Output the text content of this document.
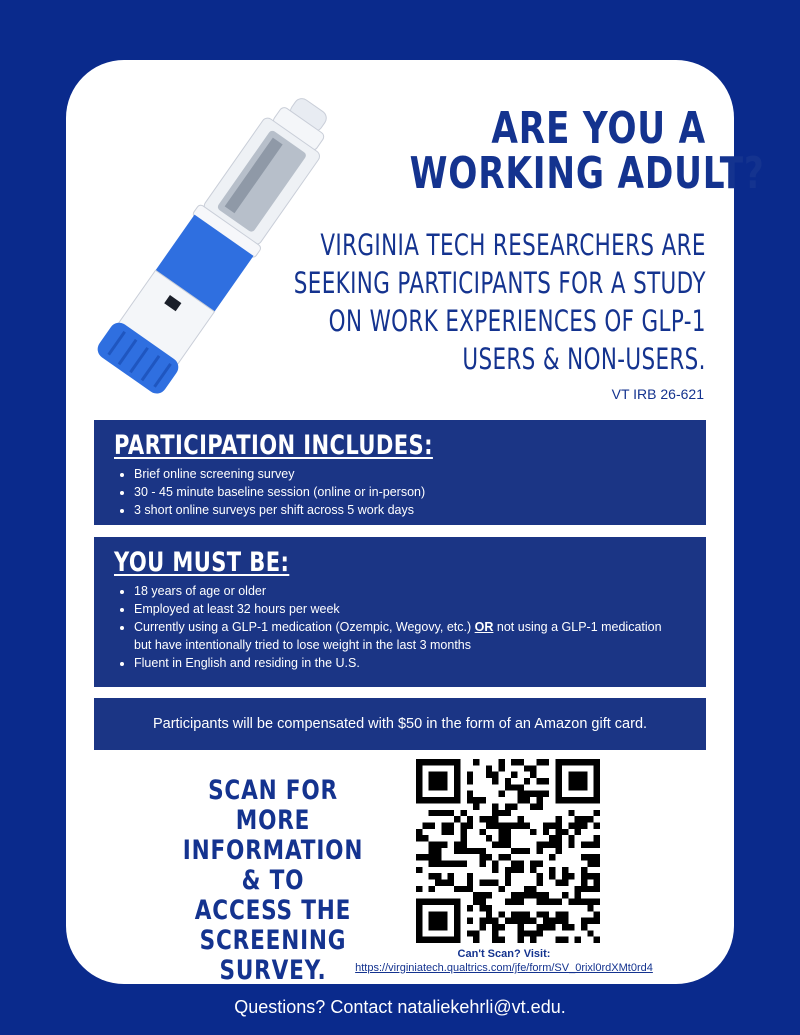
ARE YOU A
WORKING ADULT?
VIRGINIA TECH RESEARCHERS ARE
SEEKING PARTICIPANTS FOR A STUDY
ON WORK EXPERIENCES OF GLP-1
USERS & NON-USERS.
VT IRB 26-621
PARTICIPATION INCLUDES:
• Brief online screening survey
• 30 - 45 minute baseline session (online or in-person)
• 3 short online surveys per shift across 5 work days
YOU MUST BE:
• 18 years of age or older
• Employed at least 32 hours per week
• Currently using a GLP-1 medication (Ozempic, Wegovy, etc.) OR not using a GLP-1 medication but have intentionally tried to lose weight in the last 3 months
• Fluent in English and residing in the U.S.
Participants will be compensated with $50 in the form of an Amazon gift card.
SCAN FOR MORE
INFORMATION & TO
ACCESS THE
SCREENING
SURVEY.
Can't Scan? Visit:
https://virginiatech.qualtrics.com/jfe/form/SV_0rixl0rdXMt0rd4
Questions? Contact nataliekehrli@vt.edu.
